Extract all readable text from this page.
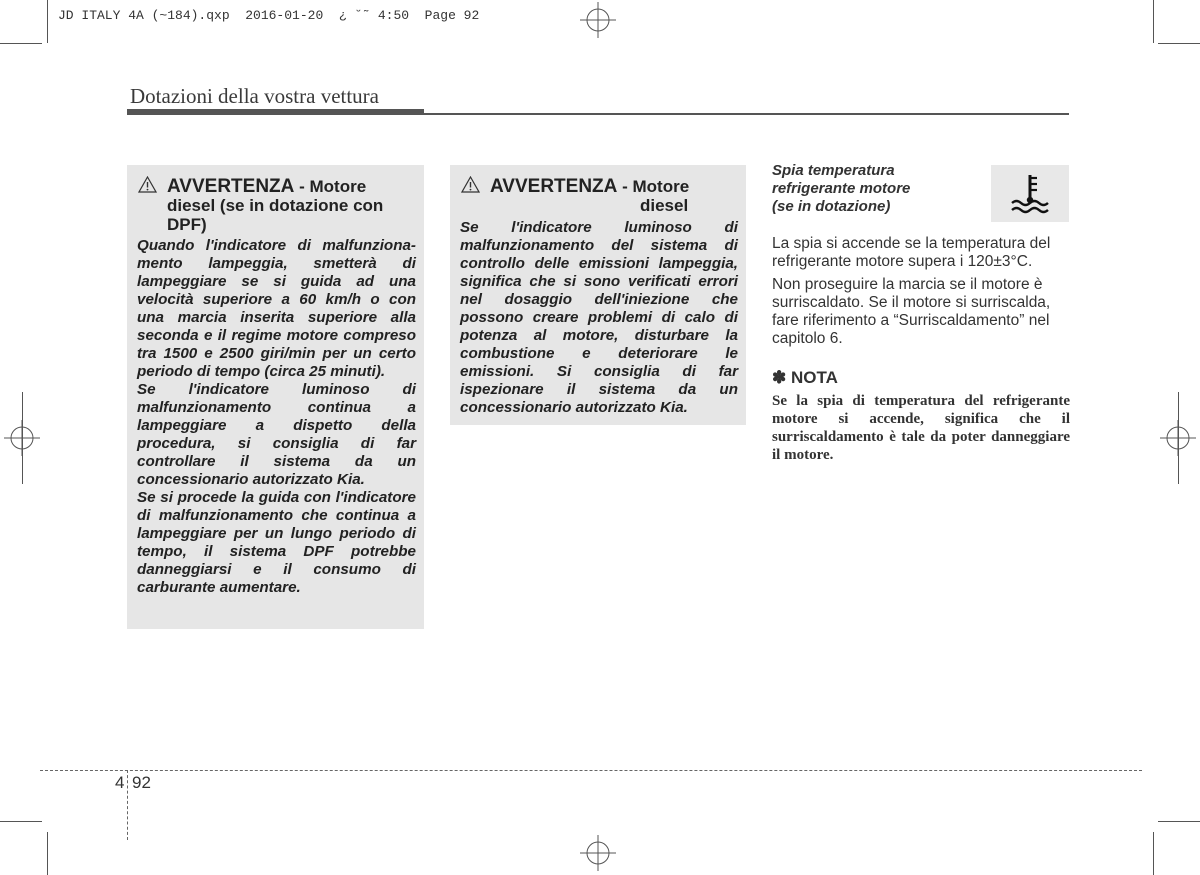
JD ITALY 4A (~184).qxp  2016-01-20  ¿ ˘˜ 4:50  Page 92
Dotazioni della vostra vettura
AVVERTENZA - Motore
diesel (se in dotazione con
DPF)

Quando l'indicatore di malfunziona-mento lampeggia, smetterà di lampeggiare se si guida ad una velocità superiore a 60 km/h o con una marcia inserita superiore alla seconda e il regime motore compreso tra 1500 e 2500 giri/min per un certo periodo di tempo (circa 25 minuti).

Se l'indicatore luminoso di malfunzionamento continua a lampeggiare a dispetto della procedura, si consiglia di far controllare il sistema da un concessionario autorizzato Kia.

Se si procede la guida con l'indicatore di malfunzionamento che continua a lampeggiare per un lungo periodo di tempo, il sistema DPF potrebbe danneggiarsi e il consumo di carburante aumentare.

AVVERTENZA - Motore
diesel

Se l'indicatore luminoso di malfunzionamento del sistema di controllo delle emissioni lampeggia, significa che si sono verificati errori nel dosaggio dell'iniezione che possono creare problemi di calo di potenza al motore, disturbare la combustione e deteriorare le emissioni. Si consiglia di far ispezionare il sistema da un concessionario autorizzato Kia.

Spia temperatura
refrigerante motore
(se in dotazione)

La spia si accende se la temperatura del refrigerante motore supera i 120±3°C.

Non proseguire la marcia se il motore è surriscaldato. Se il motore si surriscalda, fare riferimento a “Surriscaldamento” nel capitolo 6.

✽ NOTA
Se la spia di temperatura del refrigerante motore si accende, significa che il surriscaldamento è tale da poter danneggiare il motore.
4 92
